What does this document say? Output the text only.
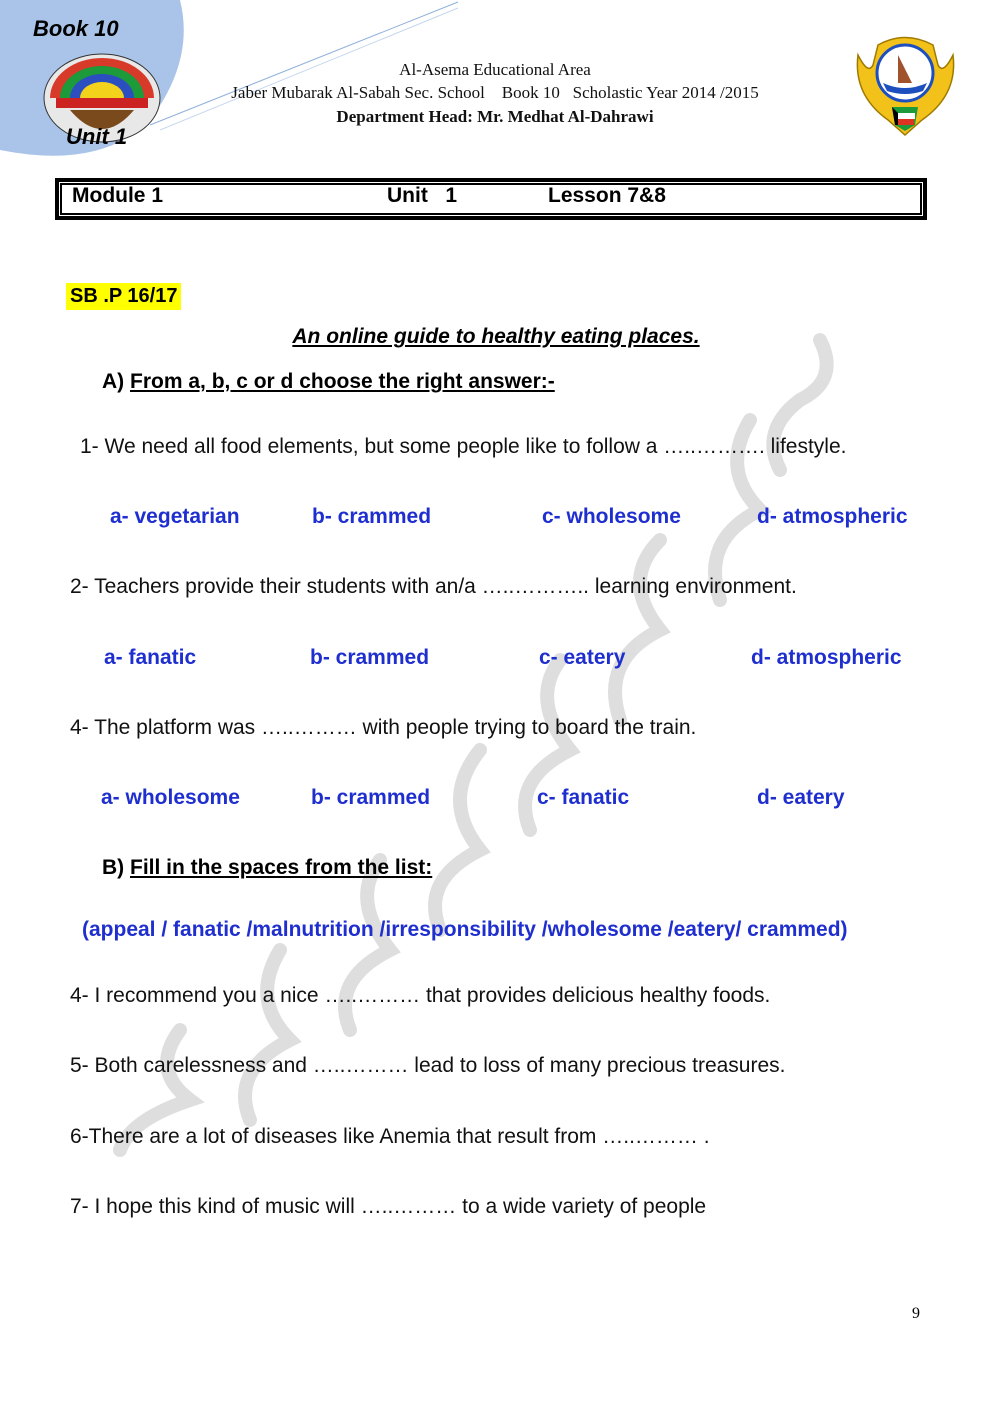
Book 10
Unit 1
Al-Asema Educational Area
Jaber Mubarak Al-Sabah Sec. School    Book 10   Scholastic Year 2014 /2015
Department Head: Mr. Medhat Al-Dahrawi
Module 1	Unit   1	Lesson 7&8
SB .P 16/17
An online guide to healthy eating places.
A) From a, b, c or d choose the right answer:-
1- We need all food elements, but some people like to follow a …..………. lifestyle.
a- vegetarian	b- crammed	c- wholesome	d- atmospheric
2- Teachers provide their students with an/a …..……….. learning environment.
a- fanatic	b- crammed	c- eatery	d- atmospheric
4- The platform was …..……… with people trying to board the train.
a- wholesome	b- crammed	c- fanatic	d- eatery
B) Fill in the spaces from the list:
(appeal / fanatic /malnutrition /irresponsibility /wholesome /eatery/ crammed)
4- I recommend you a nice …..……… that provides delicious healthy foods.
5- Both carelessness and …..……… lead to loss of many precious treasures.
6-There are a lot of diseases like Anemia that result from …..……… .
7- I hope this kind of music will …..……… to a wide variety of people
9
